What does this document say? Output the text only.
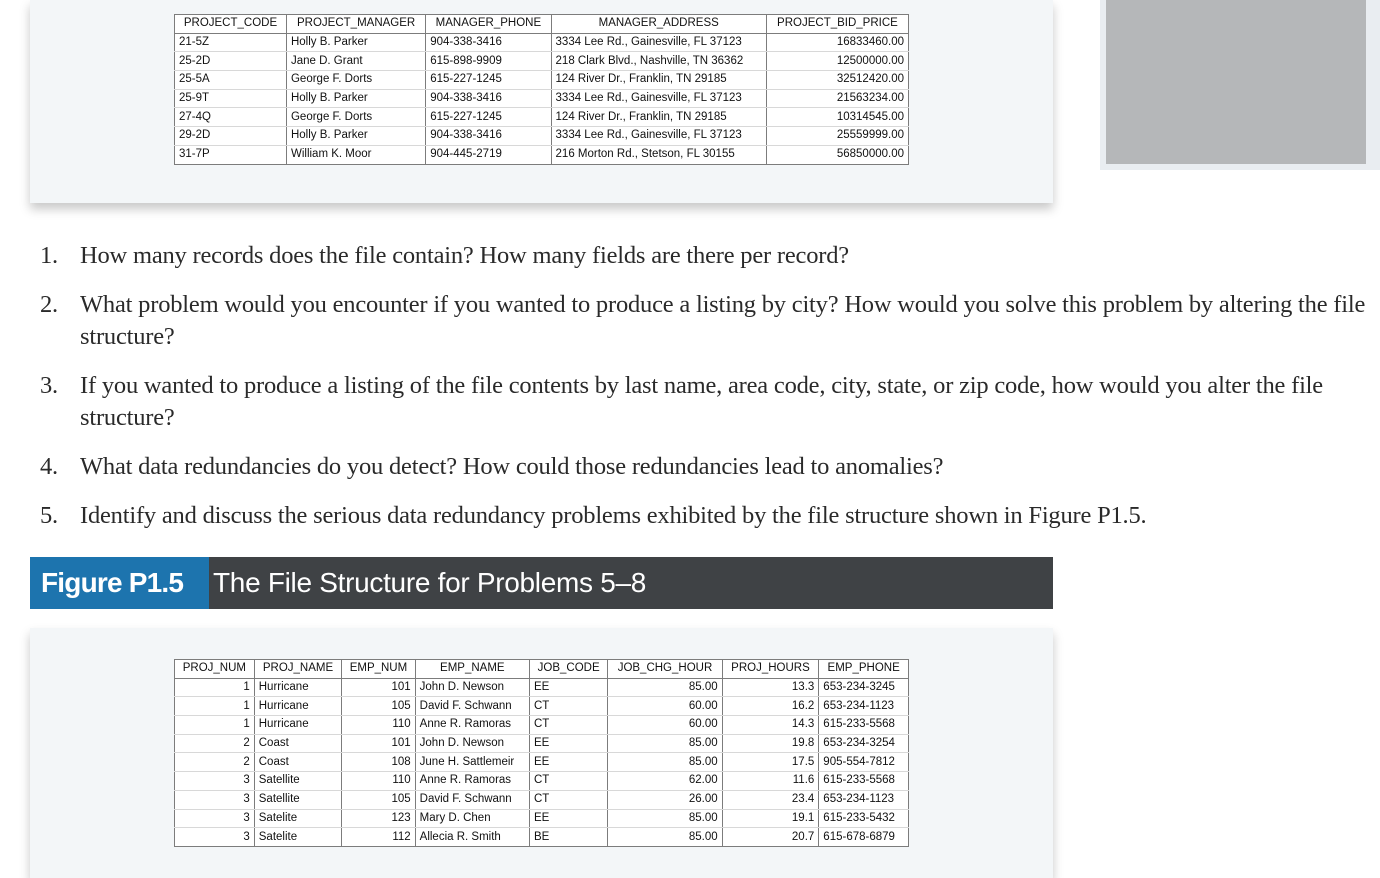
PROJECT_CODE	PROJECT_MANAGER	MANAGER_PHONE	MANAGER_ADDRESS	PROJECT_BID_PRICE
21-5Z	Holly B. Parker	904-338-3416	3334 Lee Rd., Gainesville, FL 37123	16833460.00
25-2D	Jane D. Grant	615-898-9909	218 Clark Blvd., Nashville, TN 36362	12500000.00
25-5A	George F. Dorts	615-227-1245	124 River Dr., Franklin, TN 29185	32512420.00
25-9T	Holly B. Parker	904-338-3416	3334 Lee Rd., Gainesville, FL 37123	21563234.00
27-4Q	George F. Dorts	615-227-1245	124 River Dr., Franklin, TN 29185	10314545.00
29-2D	Holly B. Parker	904-338-3416	3334 Lee Rd., Gainesville, FL 37123	25559999.00
31-7P	William K. Moor	904-445-2719	216 Morton Rd., Stetson, FL 30155	56850000.00
1. How many records does the file contain? How many fields are there per record?
2. What problem would you encounter if you wanted to produce a listing by city? How would you solve this problem by altering the file structure?
3. If you wanted to produce a listing of the file contents by last name, area code, city, state, or zip code, how would you alter the file structure?
4. What data redundancies do you detect? How could those redundancies lead to anomalies?
5. Identify and discuss the serious data redundancy problems exhibited by the file structure shown in Figure P1.5.
Figure P1.5	The File Structure for Problems 5–8
PROJ_NUM	PROJ_NAME	EMP_NUM	EMP_NAME	JOB_CODE	JOB_CHG_HOUR	PROJ_HOURS	EMP_PHONE
1	Hurricane	101	John D. Newson	EE	85.00	13.3	653-234-3245
1	Hurricane	105	David F. Schwann	CT	60.00	16.2	653-234-1123
1	Hurricane	110	Anne R. Ramoras	CT	60.00	14.3	615-233-5568
2	Coast	101	John D. Newson	EE	85.00	19.8	653-234-3254
2	Coast	108	June H. Sattlemeir	EE	85.00	17.5	905-554-7812
3	Satellite	110	Anne R. Ramoras	CT	62.00	11.6	615-233-5568
3	Satellite	105	David F. Schwann	CT	26.00	23.4	653-234-1123
3	Satelite	123	Mary D. Chen	EE	85.00	19.1	615-233-5432
3	Satelite	112	Allecia R. Smith	BE	85.00	20.7	615-678-6879
